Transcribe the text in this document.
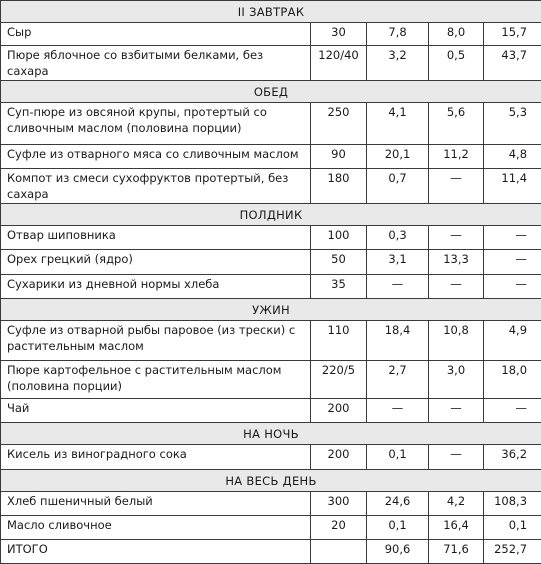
II ЗАВТРАК				
Сыр	30	7,8	8,0	15,7
Пюре яблочное со взбитыми белками, без сахара	120/40	3,2	0,5	43,7
ОБЕД				
Суп-пюре из овсяной крупы, протертый со сливочным маслом (половина порции)	250	4,1	5,6	5,3
Суфле из отварного мяса со сливочным маслом	90	20,1	11,2	4,8
Компот из смеси сухофруктов протертый, без сахара	180	0,7	—	11,4
ПОЛДНИК				
Отвар шиповника	100	0,3	—	—
Орех грецкий (ядро)	50	3,1	13,3	—
Сухарики из дневной нормы хлеба	35	—	—	—
УЖИН				
Суфле из отварной рыбы паровое (из трески) с растительным маслом	110	18,4	10,8	4,9
Пюре картофельное с растительным маслом (половина порции)	220/5	2,7	3,0	18,0
Чай	200	—	—	—
НА НОЧЬ				
Кисель из виноградного сока	200	0,1	—	36,2
НА ВЕСЬ ДЕНЬ				
Хлеб пшеничный белый	300	24,6	4,2	108,3
Масло сливочное	20	0,1	16,4	0,1
ИТОГО		90,6	71,6	252,7
